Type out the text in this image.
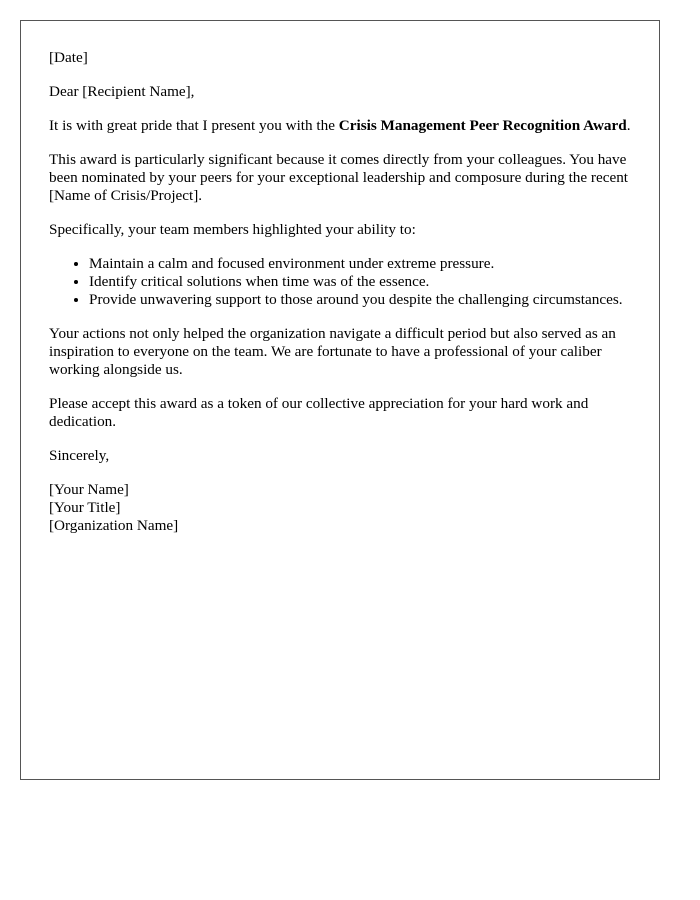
[Date]

Dear [Recipient Name],

It is with great pride that I present you with the Crisis Management Peer Recognition Award.

This award is particularly significant because it comes directly from your colleagues. You have been nominated by your peers for your exceptional leadership and composure during the recent [Name of Crisis/Project].

Specifically, your team members highlighted your ability to:

• Maintain a calm and focused environment under extreme pressure.
• Identify critical solutions when time was of the essence.
• Provide unwavering support to those around you despite the challenging circumstances.

Your actions not only helped the organization navigate a difficult period but also served as an inspiration to everyone on the team. We are fortunate to have a professional of your caliber working alongside us.

Please accept this award as a token of our collective appreciation for your hard work and dedication.

Sincerely,

[Your Name]
[Your Title]
[Organization Name]
